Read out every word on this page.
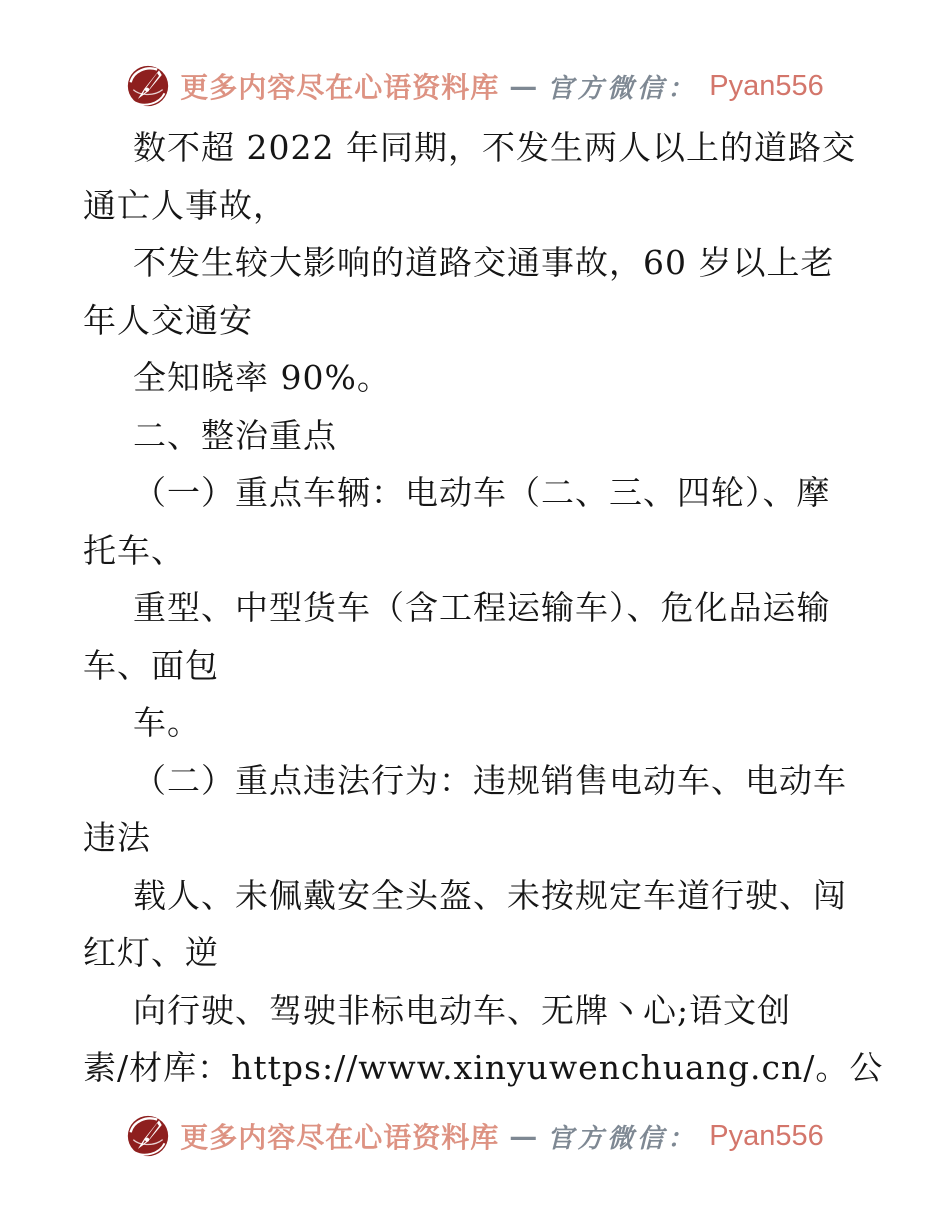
更多内容尽在心语资料库 — 官方微信： Pyan556
数不超 2022 年同期，不发生两人以上的道路交
通亡人事故，
不发生较大影响的道路交通事故，60 岁以上老
年人交通安
全知晓率 90%。
二、整治重点
（一）重点车辆：电动车（二、三、四轮）、摩
托车、
重型、中型货车（含工程运输车）、危化品运输
车、面包
车。
（二）重点违法行为：违规销售电动车、电动车
违法
载人、未佩戴安全头盔、未按规定车道行驶、闯
红灯、逆
向行驶、驾驶非标电动车、无牌丶心;语文创
素/材库：https://www.xinyuwenchuang.cn/。公
更多内容尽在心语资料库 — 官方微信： Pyan556
